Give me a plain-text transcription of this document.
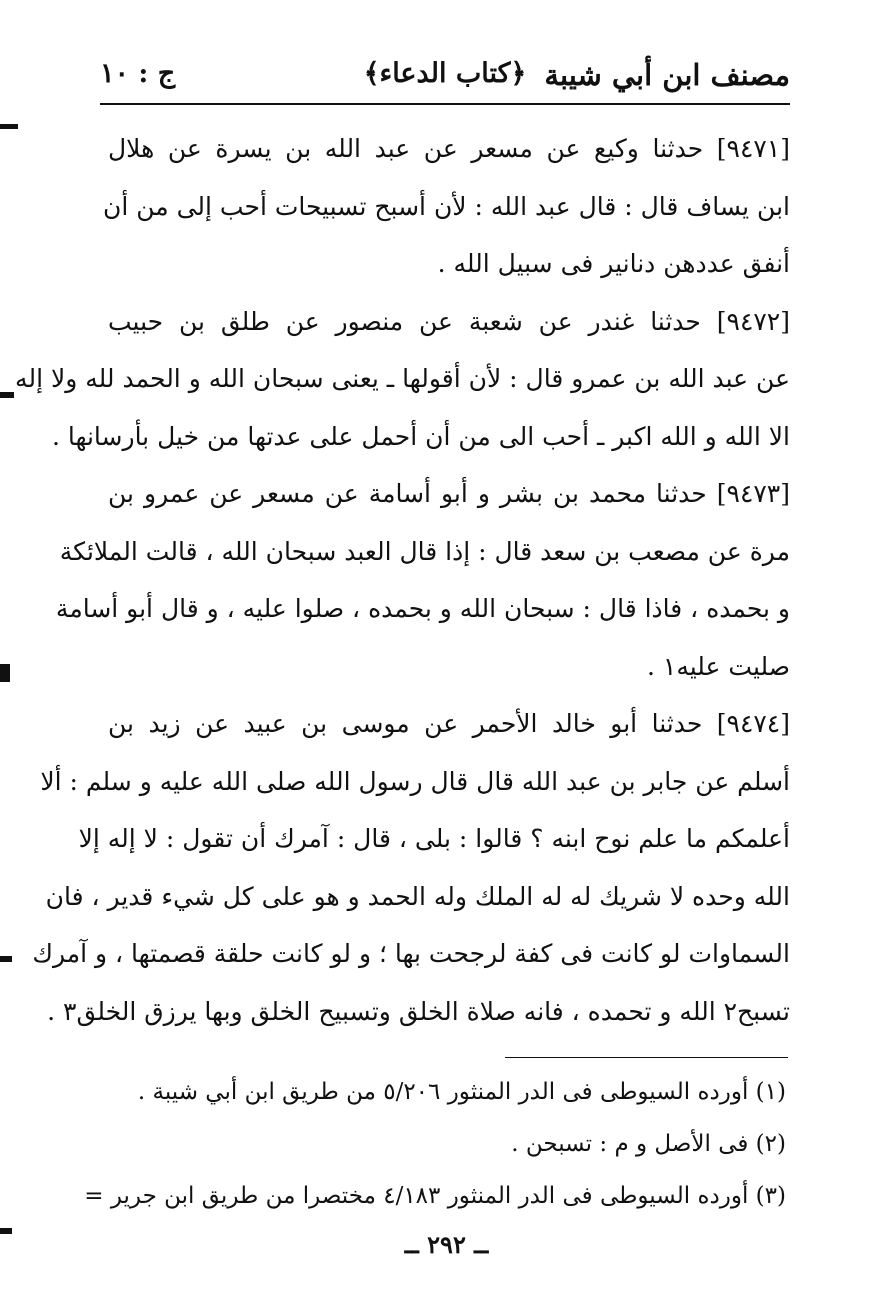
مصنف ابن أبي شيبة
﴿كتاب الدعاء﴾
ج : ١٠
[٩٤٧١] حدثنا وكيع عن مسعر عن عبد الله بن يسرة عن هلال
ابن يساف قال : قال عبد الله : لأن أسبح تسبيحات أحب إلى من أن
أنفق عددهن دنانير فى سبيل الله .
[٩٤٧٢] حدثنا غندر عن شعبة عن منصور عن طلق بن حبيب
عن عبد الله بن عمرو قال : لأن أقولها ـ يعنى سبحان الله و الحمد لله ولا إله
الا الله و الله اكبر ـ أحب الى من أن أحمل على عدتها من خيل بأرسانها .
[٩٤٧٣] حدثنا محمد بن بشر و أبو أسامة عن مسعر عن عمرو بن
مرة عن مصعب بن سعد قال : إذا قال العبد سبحان الله ، قالت الملائكة
و بحمده ، فاذا قال : سبحان الله و بحمده ، صلوا عليه ، و قال أبو أسامة
صليت عليه١ .
[٩٤٧٤] حدثنا أبو خالد الأحمر عن موسى بن عبيد عن زيد بن
أسلم عن جابر بن عبد الله قال قال رسول الله صلى الله عليه و سلم : ألا
أعلمكم ما علم نوح ابنه ؟ قالوا : بلى ، قال : آمرك أن تقول : لا إله إلا
الله وحده لا شريك له له الملك وله الحمد و هو على كل شيء قدير ، فان
السماوات لو كانت فى كفة لرجحت بها ؛ و لو كانت حلقة قصمتها ، و آمرك
تسبح٢ الله و تحمده ، فانه صلاة الخلق وتسبيح الخلق وبها يرزق الخلق٣ .
(١) أورده السيوطى فى الدر المنثور ٥/٢٠٦ من طريق ابن أبي شيبة .
(٢) فى الأصل و م : تسبحن .
(٣) أورده السيوطى فى الدر المنثور ٤/١٨٣ مختصرا من طريق ابن جرير =
ــ ٢٩٢ ــ
